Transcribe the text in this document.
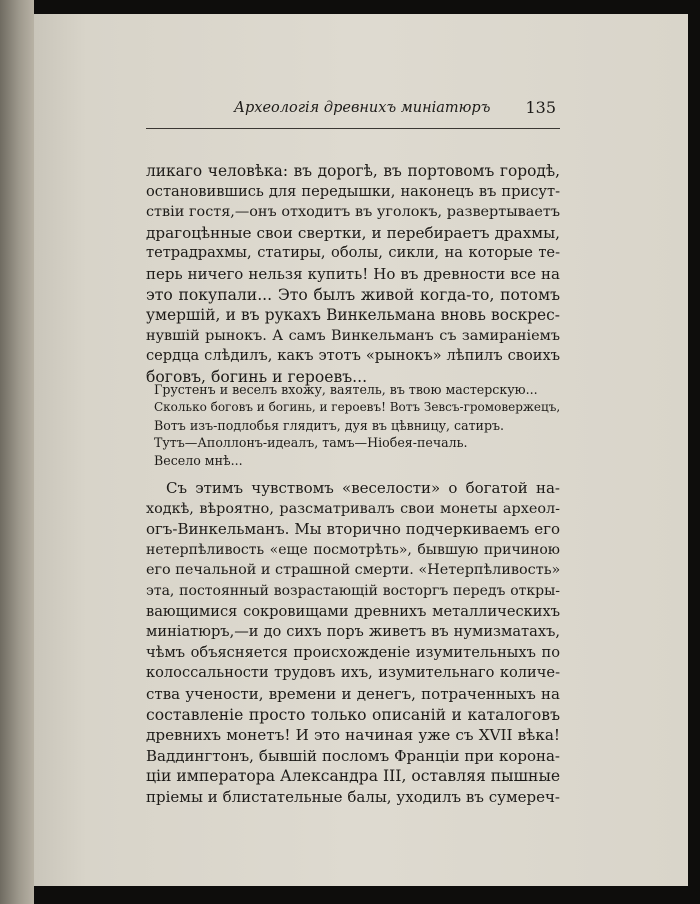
Археологія древнихъ миніатюръ 135
ликаго человѣка: въ дорогѣ, въ портовомъ городѣ,
остановившись для передышки, наконецъ въ присут-
ствіи гостя,—онъ отходитъ въ уголокъ, развертываетъ
драгоцѣнные свои свертки, и перебираетъ драхмы,
тетрадрахмы, статиры, оболы, сикли, на которые те-
перь ничего нельзя купить! Но въ древности все на
это покупали... Это былъ живой когда-то, потомъ
умершій, и въ рукахъ Винкельмана вновь воскрес-
нувшій рынокъ. А самъ Винкельманъ съ замираніемъ
сердца слѣдилъ, какъ этотъ «рынокъ» лѣпилъ своихъ
боговъ, богинь и героевъ...
Грустенъ и веселъ вхожу, ваятель, въ твою мастерскую...
Сколько боговъ и богинь, и героевъ! Вотъ Зевсъ-громовержецъ,
Вотъ изъ-подлобья глядитъ, дуя въ цѣвницу, сатиръ.
Тутъ—Аполлонъ-идеалъ, тамъ—Ніобея-печаль.
Весело мнѣ...
Съ этимъ чувствомъ «веселости» о богатой на-
ходкѣ, вѣроятно, разсматривалъ свои монеты археол-
огъ-Винкельманъ. Мы вторично подчеркиваемъ его
нетерпѣливость «еще посмотрѣть», бывшую причиною
его печальной и страшной смерти. «Нетерпѣливость»
эта, постоянный возрастающій восторгъ передъ откры-
вающимися сокровищами древнихъ металлическихъ
миніатюръ,—и до сихъ поръ живетъ въ нумизматахъ,
чѣмъ объясняется происхожденіе изумительныхъ по
колоссальности трудовъ ихъ, изумительнаго количе-
ства учености, времени и денегъ, потраченныхъ на
составленіе просто только описаній и каталоговъ
древнихъ монетъ! И это начиная уже съ XVII вѣка!
Ваддингтонъ, бывшій посломъ Франціи при корона-
ціи императора Александра III, оставляя пышные
пріемы и блистательные балы, уходилъ въ сумереч-
